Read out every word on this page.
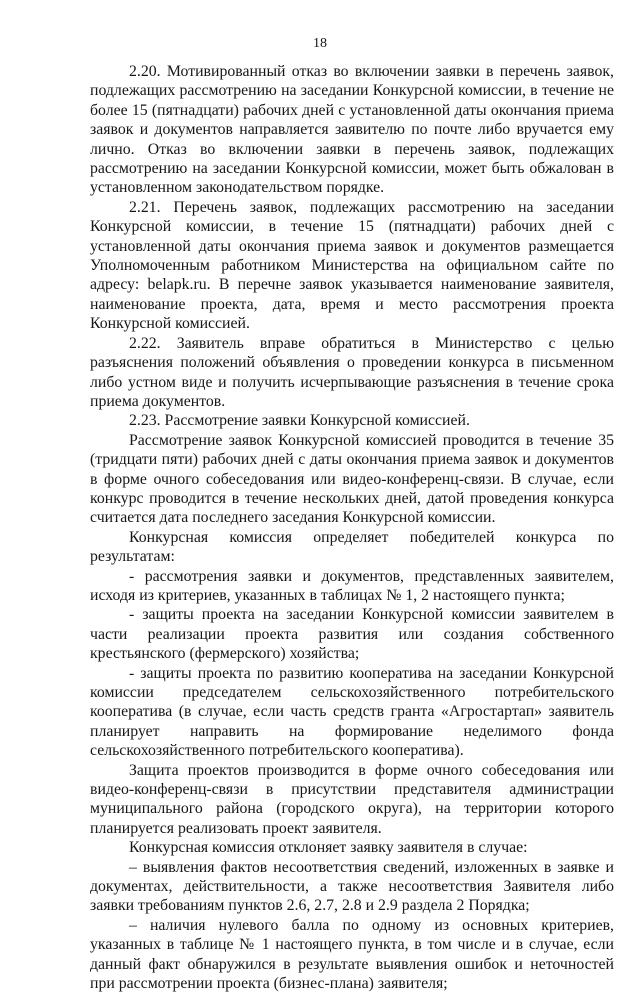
18

2.20. Мотивированный отказ во включении заявки в перечень заявок, подлежащих рассмотрению на заседании Конкурсной комиссии, в течение не более 15 (пятнадцати) рабочих дней с установленной даты окончания приема заявок и документов направляется заявителю по почте либо вручается ему лично. Отказ во включении заявки в перечень заявок, подлежащих рассмотрению на заседании Конкурсной комиссии, может быть обжалован в установленном законодательством порядке.

2.21. Перечень заявок, подлежащих рассмотрению на заседании Конкурсной комиссии, в течение 15 (пятнадцати) рабочих дней с установленной даты окончания приема заявок и документов размещается Уполномоченным работником Министерства на официальном сайте по адресу: belapk.ru. В перечне заявок указывается наименование заявителя, наименование проекта, дата, время и место рассмотрения проекта Конкурсной комиссией.

2.22. Заявитель вправе обратиться в Министерство с целью разъяснения положений объявления о проведении конкурса в письменном либо устном виде и получить исчерпывающие разъяснения в течение срока приема документов.

2.23. Рассмотрение заявки Конкурсной комиссией.

Рассмотрение заявок Конкурсной комиссией проводится в течение 35 (тридцати пяти) рабочих дней с даты окончания приема заявок и документов в форме очного собеседования или видео-конференц-связи. В случае, если конкурс проводится в течение нескольких дней, датой проведения конкурса считается дата последнего заседания Конкурсной комиссии.

Конкурсная комиссия определяет победителей конкурса по результатам:

- рассмотрения заявки и документов, представленных заявителем, исходя из критериев, указанных в таблицах № 1, 2 настоящего пункта;

- защиты проекта на заседании Конкурсной комиссии заявителем в части реализации проекта развития или создания собственного крестьянского (фермерского) хозяйства;

- защиты проекта по развитию кооператива на заседании Конкурсной комиссии председателем сельскохозяйственного потребительского кооператива (в случае, если часть средств гранта «Агростартап» заявитель планирует направить на формирование неделимого фонда сельскохозяйственного потребительского кооператива).

Защита проектов производится в форме очного собеседования или видео-конференц-связи в присутствии представителя администрации муниципального района (городского округа), на территории которого планируется реализовать проект заявителя.

Конкурсная комиссия отклоняет заявку заявителя в случае:

– выявления фактов несоответствия сведений, изложенных в заявке и документах, действительности, а также несоответствия Заявителя либо заявки требованиям пунктов 2.6, 2.7, 2.8 и 2.9 раздела 2 Порядка;

– наличия нулевого балла по одному из основных критериев, указанных в таблице № 1 настоящего пункта, в том числе и в случае, если данный факт обнаружился в результате выявления ошибок и неточностей при рассмотрении проекта (бизнес-плана) заявителя;
